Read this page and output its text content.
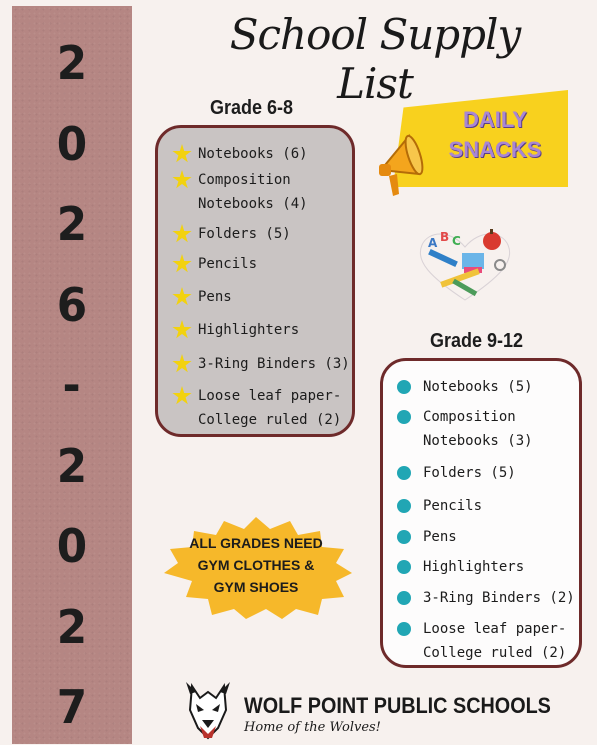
2
0
2
6
-
2
0
2
7
School Supply List
Grade 6-8
Notebooks (6)
Composition
Notebooks (4)
Folders (5)
Pencils
Pens
Highlighters
3-Ring Binders (3)
Loose leaf paper-
College ruled (2)
DAILY
SNACKS
A B C
Grade 9-12
Notebooks (5)
Composition
Notebooks (3)
Folders (5)
Pencils
Pens
Highlighters
3-Ring Binders (2)
Loose leaf paper-
College ruled (2)
ALL GRADES NEED
GYM CLOTHES &
GYM SHOES
WOLF POINT PUBLIC SCHOOLS
Home of the Wolves!
